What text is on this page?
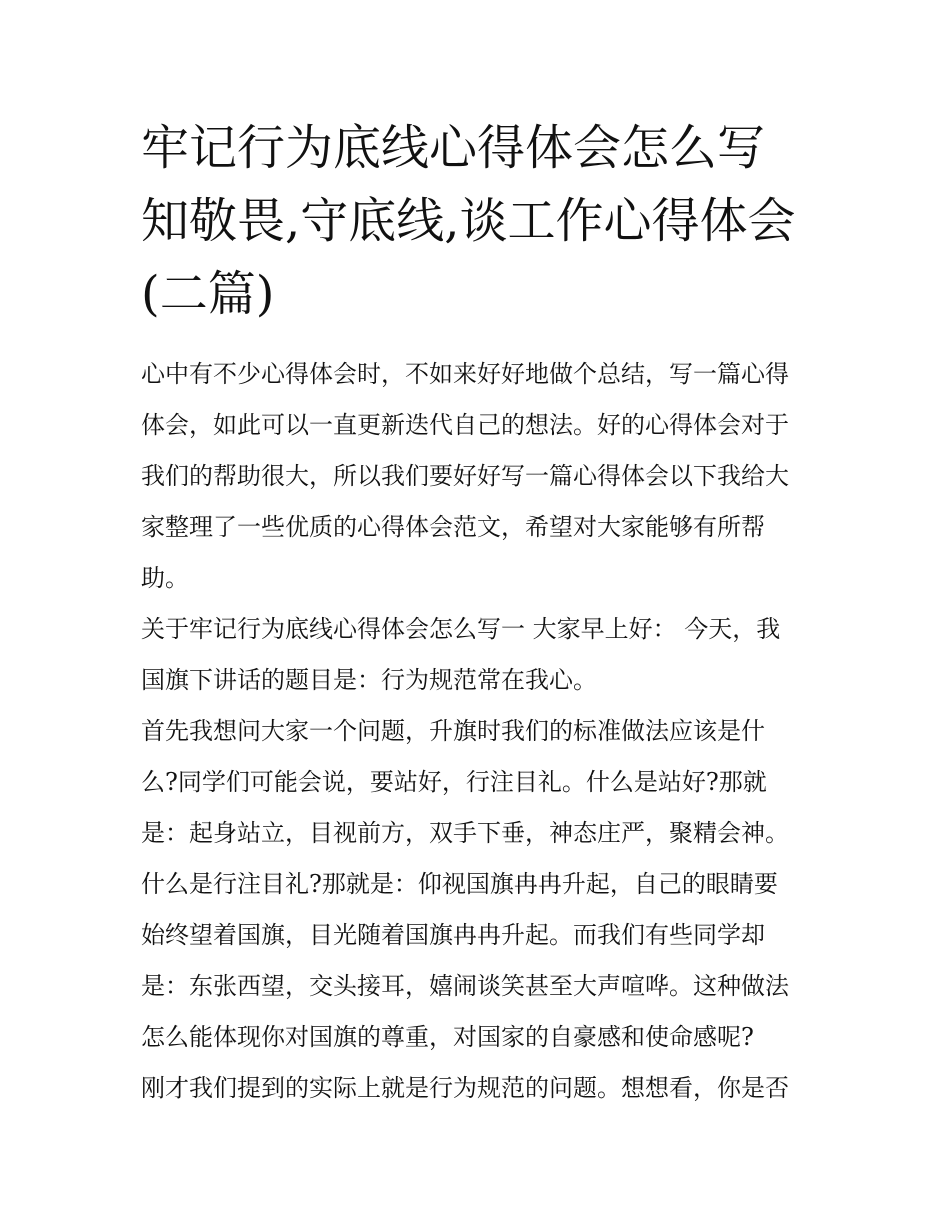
牢记行为底线心得体会怎么写
知敬畏,守底线,谈工作心得体会
(二篇)
心中有不少心得体会时，不如来好好地做个总结，写一篇心得
体会，如此可以一直更新迭代自己的想法。好的心得体会对于
我们的帮助很大，所以我们要好好写一篇心得体会以下我给大
家整理了一些优质的心得体会范文，希望对大家能够有所帮
助。
关于牢记行为底线心得体会怎么写一 大家早上好： 今天，我
国旗下讲话的题目是：行为规范常在我心。
首先我想问大家一个问题，升旗时我们的标准做法应该是什
么?同学们可能会说，要站好，行注目礼。什么是站好?那就
是：起身站立，目视前方，双手下垂，神态庄严，聚精会神。
什么是行注目礼?那就是：仰视国旗冉冉升起，自己的眼睛要
始终望着国旗，目光随着国旗冉冉升起。而我们有些同学却
是：东张西望，交头接耳，嬉闹谈笑甚至大声喧哗。这种做法
怎么能体现你对国旗的尊重，对国家的自豪感和使命感呢?
刚才我们提到的实际上就是行为规范的问题。想想看，你是否
